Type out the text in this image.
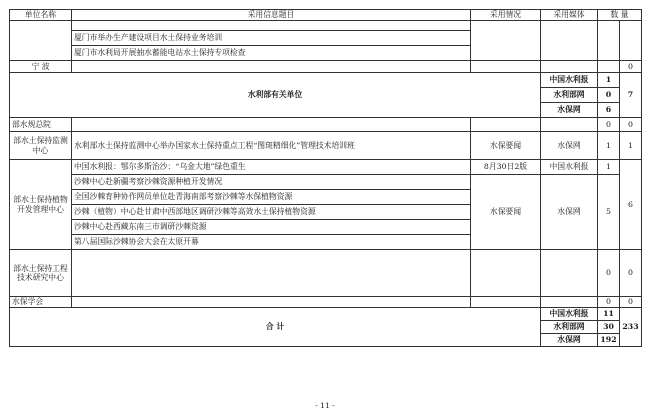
单位名称	采用信息题目	采用情况	采用媒体	数 量	

	厦门市举办生产建设项目水土保持业务培训				
	厦门市水利局开展抽水蓄能电站水土保持专项检查				
宁 波					0
水利部有关单位			中国水利报	1	7
			水利部网	0	
			水保网	6	
部水规总院				0	0
部水土保持监测中心	水利部水土保持监测中心举办国家水土保持重点工程“图斑精细化”管理技术培训班	水保要闻	水保网	1	1
部水土保持植物开发管理中心	中国水利报：鄂尔多斯治沙：“乌金大地”绿色重生	8月30日2版	中国水利报	1	6
	沙棘中心赴新疆考察沙棘资源种植开发情况	水保要闻	水保网	5	
	全国沙棘育种协作网员单位赴青海南部考察沙棘等水保植物资源				
	沙棘（植物）中心赴甘肃中西部地区调研沙棘等高效水土保持植物资源				
	沙棘中心赴西藏东南三市调研沙棘资源				
	第八届国际沙棘协会大会在太原开幕				
部水土保持工程技术研究中心				0	0
水保学会				0	0
合 计			中国水利报	11	233
			水利部网	30	
			水保网	192	
- 11 -
